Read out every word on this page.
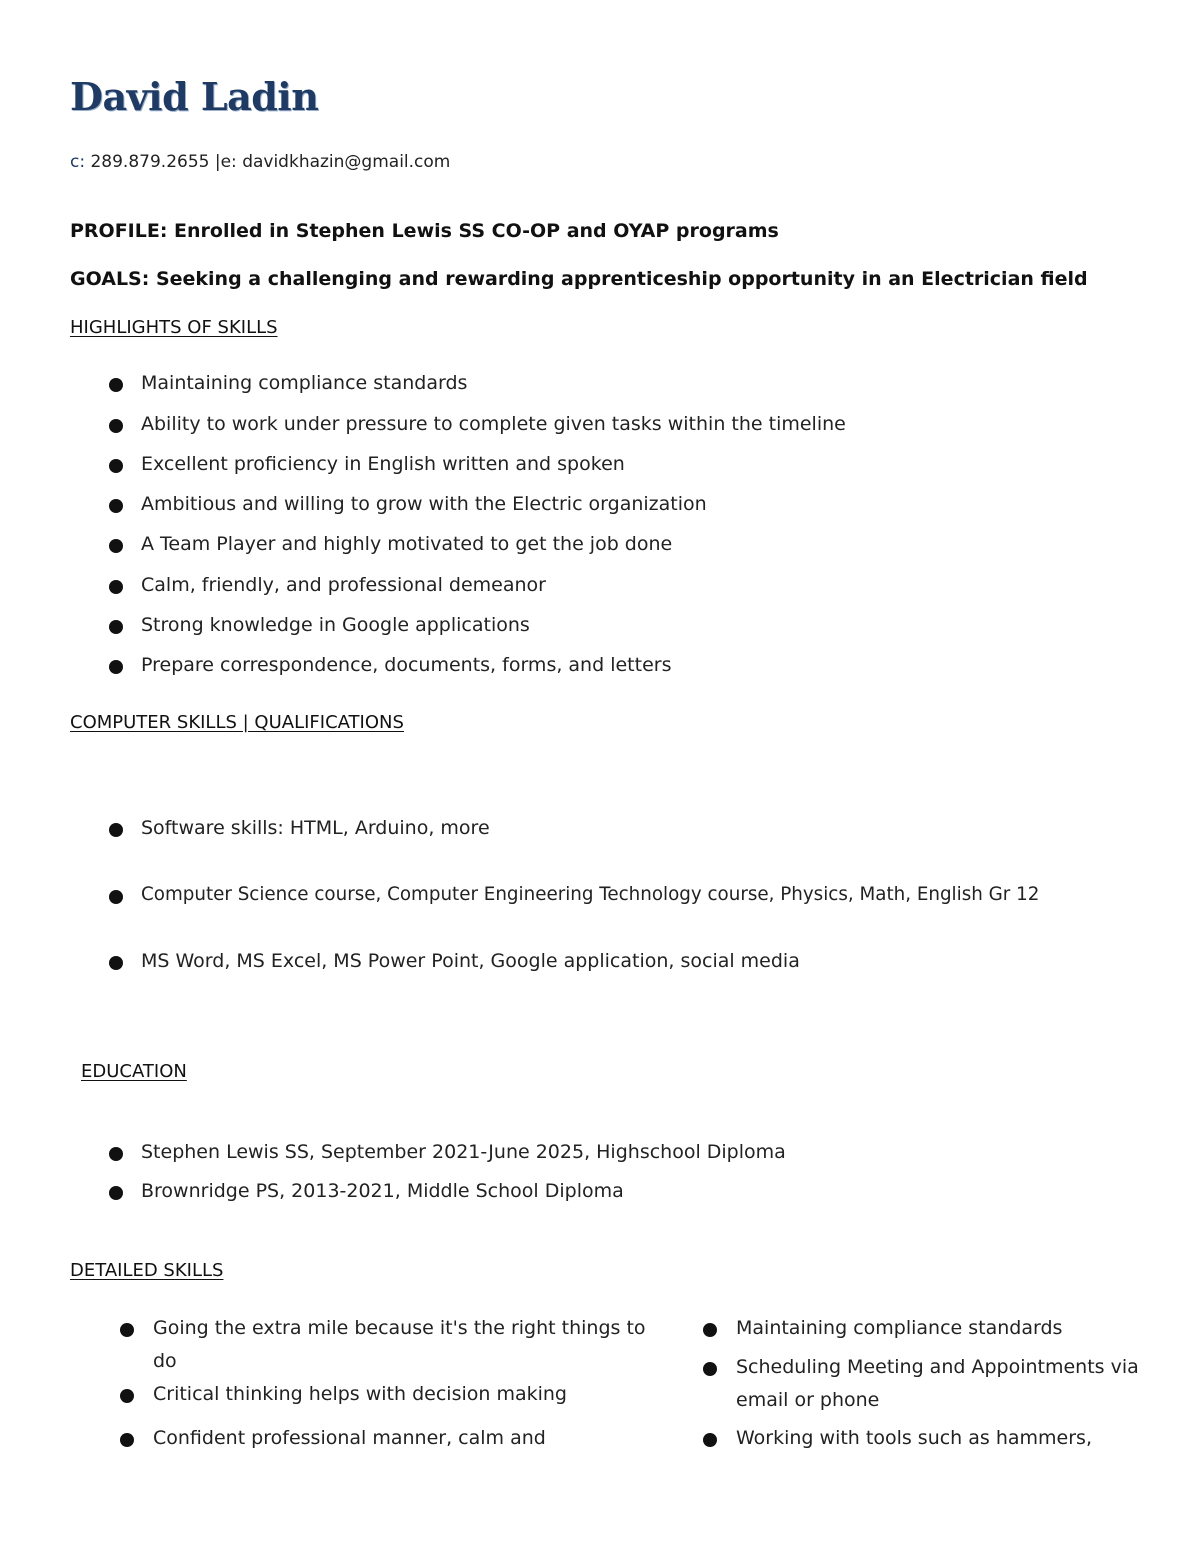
David Ladin
c: 289.879.2655 |e: davidkhazin@gmail.com
PROFILE: Enrolled in Stephen Lewis SS CO-OP and OYAP programs
GOALS: Seeking a challenging and rewarding apprenticeship opportunity in an Electrician field
HIGHLIGHTS OF SKILLS
Maintaining compliance standards
Ability to work under pressure to complete given tasks within the timeline
Excellent proficiency in English written and spoken
Ambitious and willing to grow with the Electric organization
A Team Player and highly motivated to get the job done
Calm, friendly, and professional demeanor
Strong knowledge in Google applications
Prepare correspondence, documents, forms, and letters
COMPUTER SKILLS | QUALIFICATIONS
Software skills: HTML, Arduino, more
Computer Science course, Computer Engineering Technology course, Physics, Math, English Gr 12
MS Word, MS Excel, MS Power Point, Google application, social media
EDUCATION
Stephen Lewis SS, September 2021-June 2025, Highschool Diploma
Brownridge PS, 2013-2021, Middle School Diploma
DETAILED SKILLS
Going the extra mile because it's the right things to do
Critical thinking helps with decision making
Confident professional manner, calm and
Maintaining compliance standards
Scheduling Meeting and Appointments via email or phone
Working with tools such as hammers,
